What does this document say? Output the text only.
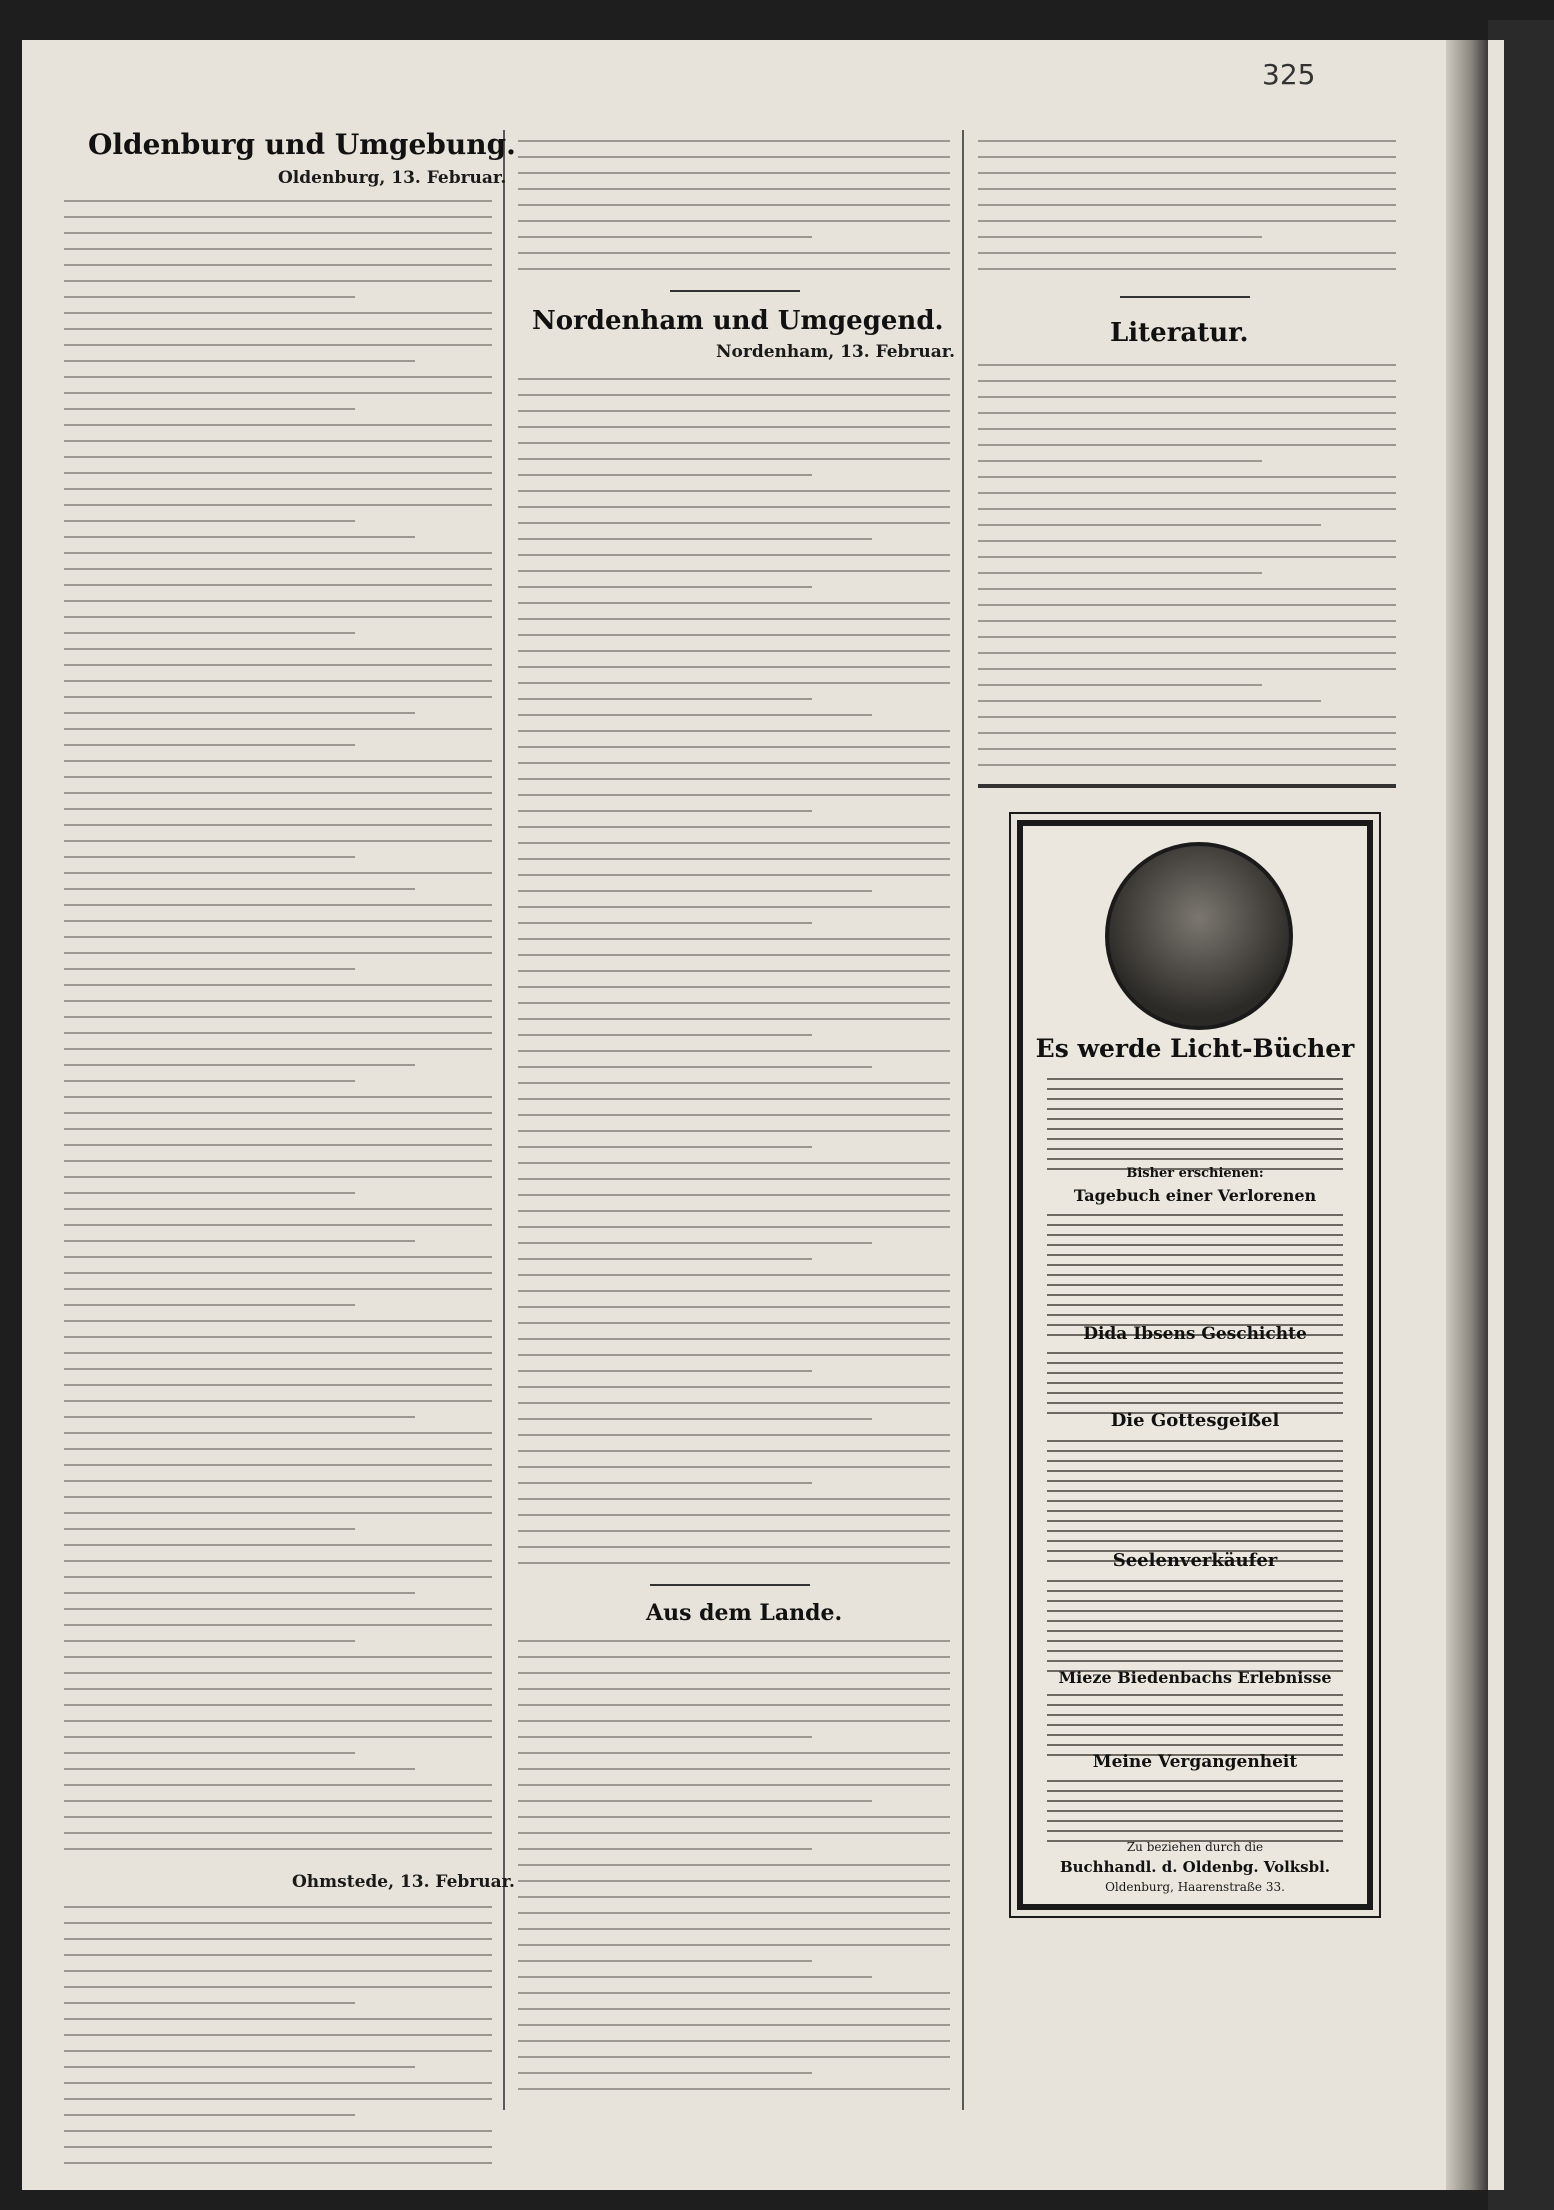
325
Oldenburg und Umgebung.
Oldenburg, 13. Februar.
Ohmstede, 13. Februar.
Nordenham und Umgegend.
Nordenham, 13. Februar.
Aus dem Lande.
Literatur.
Es werde Licht-Bücher
Bisher erschienen:
Tagebuch einer Verlorenen
Dida Ibsens Geschichte
Die Gottesgeißel
Seelenverkäufer
Mieze Biedenbachs Erlebnisse
Meine Vergangenheit
Zu beziehen durch die
Buchhandl. d. Oldenbg. Volksbl.
Oldenburg, Haarenstraße 33.
